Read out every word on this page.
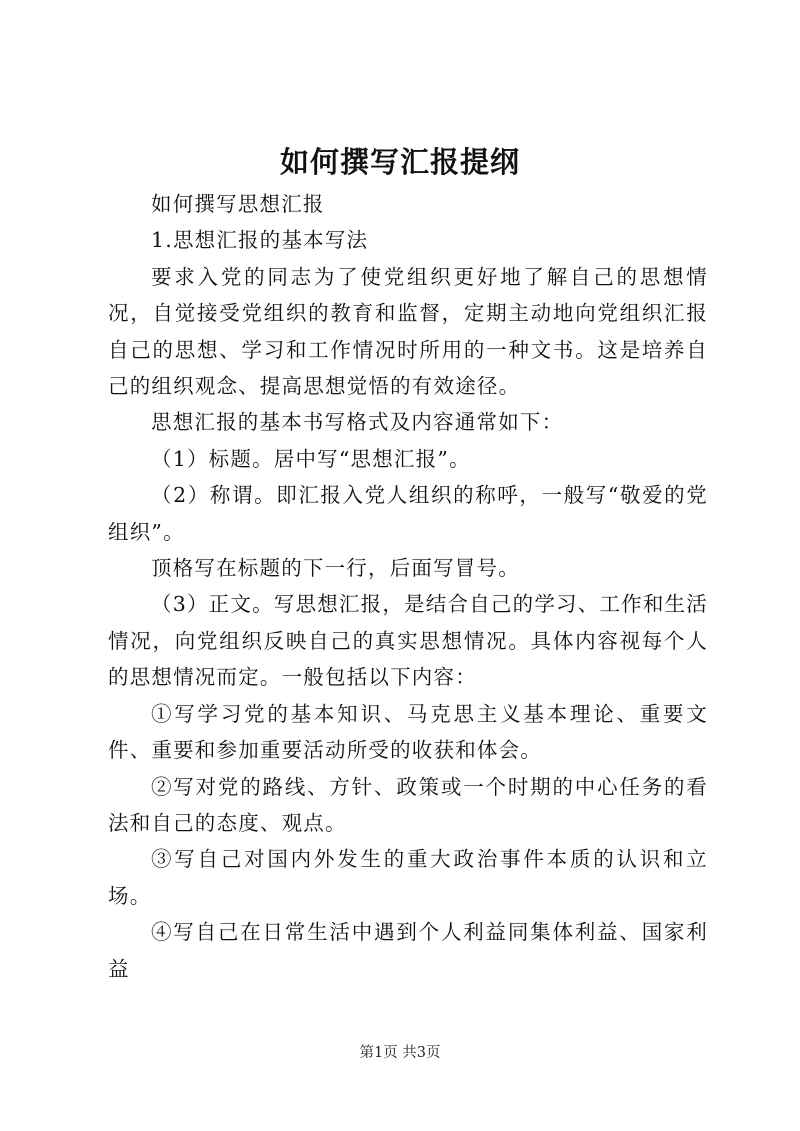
如何撰写汇报提纲

如何撰写思想汇报

1.思想汇报的基本写法

要求入党的同志为了使党组织更好地了解自己的思想情况，自觉接受党组织的教育和监督，定期主动地向党组织汇报自己的思想、学习和工作情况时所用的一种文书。这是培养自己的组织观念、提高思想觉悟的有效途径。

思想汇报的基本书写格式及内容通常如下：

（1）标题。居中写“思想汇报”。

（2）称谓。即汇报入党人组织的称呼，一般写“敬爱的党组织”。

顶格写在标题的下一行，后面写冒号。

（3）正文。写思想汇报，是结合自己的学习、工作和生活情况，向党组织反映自己的真实思想情况。具体内容视每个人的思想情况而定。一般包括以下内容：

①写学习党的基本知识、马克思主义基本理论、重要文件、重要和参加重要活动所受的收获和体会。

②写对党的路线、方针、政策或一个时期的中心任务的看法和自己的态度、观点。

③写自己对国内外发生的重大政治事件本质的认识和立场。

④写自己在日常生活中遇到个人利益同集体利益、国家利益

第1页 共3页
